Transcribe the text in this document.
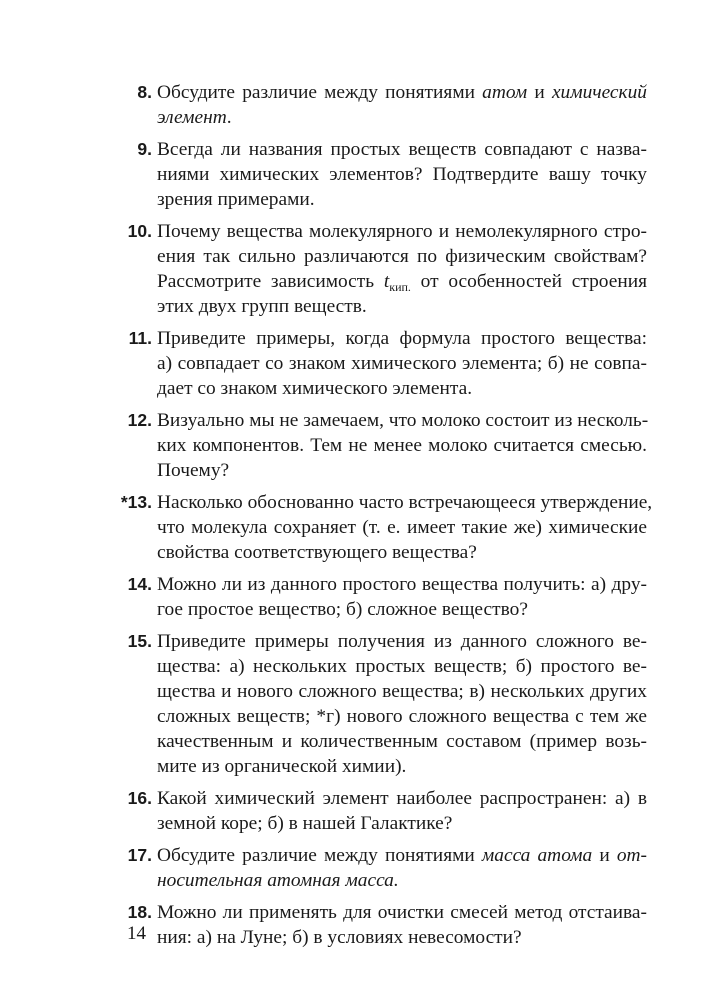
8. Обсудите различие между понятиями атом и химический
элемент.
9. Всегда ли названия простых веществ совпадают с назва-
ниями химических элементов? Подтвердите вашу точку
зрения примерами.
10. Почему вещества молекулярного и немолекулярного стро-
ения так сильно различаются по физическим свойствам?
Рассмотрите зависимость $t_{кип.}$ от особенностей строения
этих двух групп веществ.
11. Приведите примеры, когда формула простого вещества:
а) совпадает со знаком химического элемента; б) не совпа-
дает со знаком химического элемента.
12. Визуально мы не замечаем, что молоко состоит из несколь-
ких компонентов. Тем не менее молоко считается смесью.
Почему?
*13. Насколько обоснованно часто встречающееся утверждение,
что молекула сохраняет (т. е. имеет такие же) химические
свойства соответствующего вещества?
14. Можно ли из данного простого вещества получить: а) дру-
гое простое вещество; б) сложное вещество?
15. Приведите примеры получения из данного сложного ве-
щества: а) нескольких простых веществ; б) простого ве-
щества и нового сложного вещества; в) нескольких других
сложных веществ; *г) нового сложного вещества с тем же
качественным и количественным составом (пример возь-
мите из органической химии).
16. Какой химический элемент наиболее распространен: а) в
земной коре; б) в нашей Галактике?
17. Обсудите различие между понятиями масса атома и от-
носительная атомная масса.
18. Можно ли применять для очистки смесей метод отстаива-
ния: а) на Луне; б) в условиях невесомости?
14
